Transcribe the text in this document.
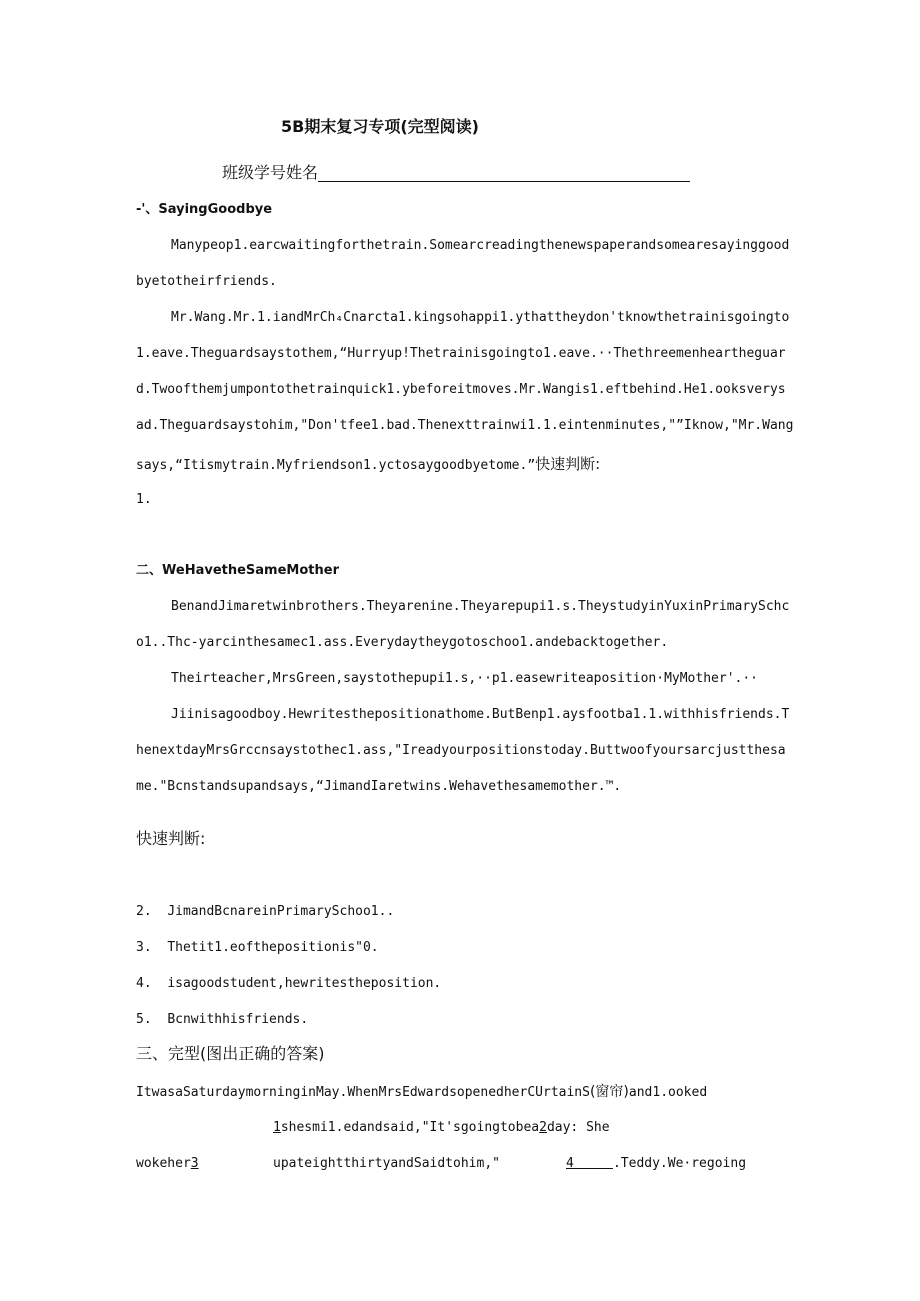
5B期末复习专项(完型阅读)
班级学号姓名
-'、SayingGoodbye
Manypeop1.earcwaitingforthetrain.Somearcreadingthenewspaperandsomearesayinggood
byetotheirfriends.
Mr.Wang.Mr.1.iandMrCh₄Cnarcta1.kingsohappi1.ythattheydon'tknowthetrainisgoingto
1.eave.Theguardsaystothem,“Hurryup!Thetrainisgoingto1.eave.··Thethreemenheartheguar
d.Twoofthemjumpontothetrainquick1.ybeforeitmoves.Mr.Wangis1.eftbehind.He1.ooksverys
ad.Theguardsaystohim,"Don'tfee1.bad.Thenexttrainwi1.1.eintenminutes,"”Iknow,"Mr.Wang
says,“Itismytrain.Myfriendson1.yctosaygoodbyetome.”快速判断:
1.
二、WeHavetheSameMother
BenandJimaretwinbrothers.Theyarenine.Theyarepupi1.s.TheystudyinYuxinPrimarySchc
o1..Thc-yarcinthesamec1.ass.Everydaytheygotoschoo1.andebacktogether.
Theirteacher,MrsGreen,saystothepupi1.s,··p1.easewriteaposition·MyMother'.··
Jiinisagoodboy.Hewritesthepositionathome.ButBenp1.aysfootba1.1.withhisfriends.T
henextdayMrsGrccnsaystothec1.ass,"Ireadyourpositionstoday.Buttwoofyoursarcjustthesa
me."Bcnstandsupandsays,“JimandIaretwins.Wehavethesamemother.™.
快速判断:
2. JimandBcnareinPrimarySchoo1..
3. Thetit1.eofthepositionis"0.
4. isagoodstudent,hewritestheposition.
5. Bcnwithhisfriends.
三、完型(图出正确的答案)
ItwasaSaturdaymorninginMay.WhenMrsEdwardsopenedherCUrtainS(窗帘)and1.ooked
1shesmi1.edandsaid,"It'sgoingtobea2day: She
wokeher3	upateightthirtyandSaidtohim,"	4	.Teddy.We·regoing
